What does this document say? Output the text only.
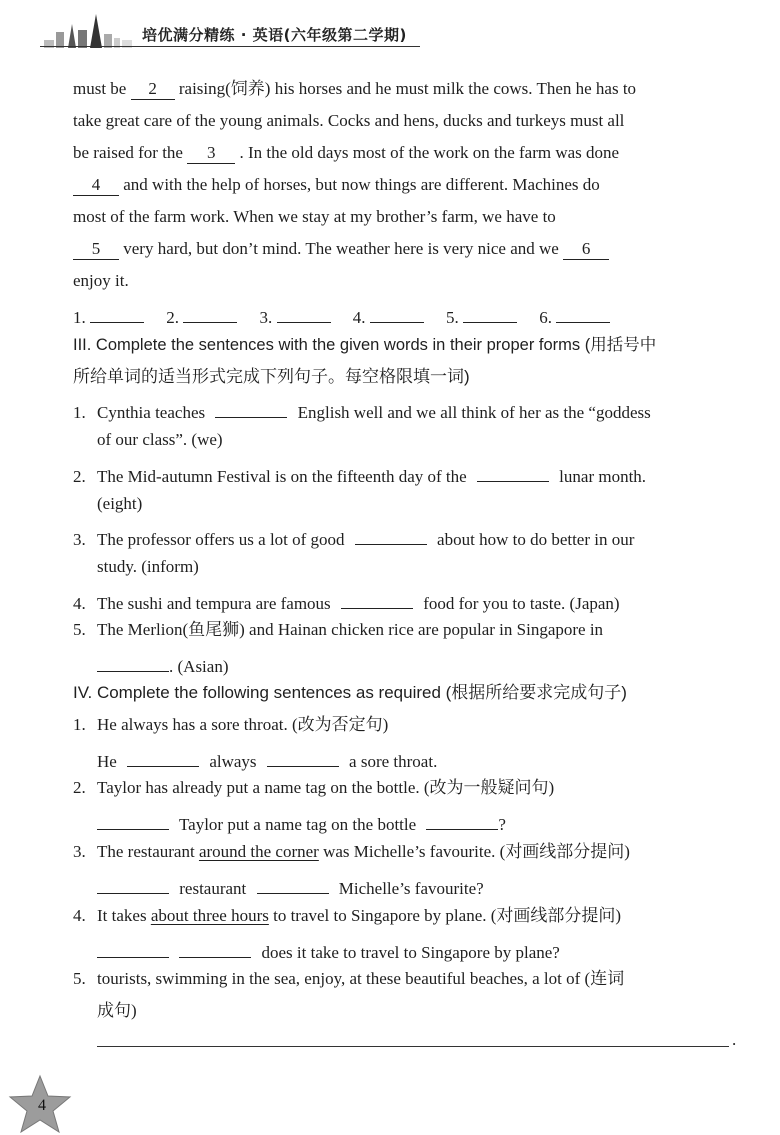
培优满分精练 · 英语(六年级第二学期)
must be 2 raising(饲养) his horses and he must milk the cows. Then he has to
take great care of the young animals. Cocks and hens, ducks and turkeys must all
be raised for the 3 . In the old days most of the work on the farm was done
4 and with the help of horses, but now things are different. Machines do
most of the farm work. When we stay at my brother’s farm, we have to
5 very hard, but don’t mind. The weather here is very nice and we 6
enjoy it.
1.	2.	3.	4.	5.	6.
III. Complete the sentences with the given words in their proper forms (用括号中
所给单词的适当形式完成下列句子。每空格限填一词)
1. Cynthia teaches	English well and we all think of her as the “goddess
of our class”. (we)
2. The Mid-autumn Festival is on the fifteenth day of the	lunar month.
(eight)
3. The professor offers us a lot of good	about how to do better in our
study. (inform)
4. The sushi and tempura are famous	food for you to taste. (Japan)
5. The Merlion(鱼尾狮) and Hainan chicken rice are popular in Singapore in
. (Asian)
IV. Complete the following sentences as required (根据所给要求完成句子)
1. He always has a sore throat. (改为否定句)
He	always	a sore throat.
2. Taylor has already put a name tag on the bottle. (改为一般疑问句)
Taylor put a name tag on the bottle	?
3. The restaurant around the corner was Michelle’s favourite. (对画线部分提问)
restaurant	Michelle’s favourite?
4. It takes about three hours to travel to Singapore by plane. (对画线部分提问)
does it take to travel to Singapore by plane?
5. tourists, swimming in the sea, enjoy, at these beautiful beaches, a lot of (连词
成句)
.
4
